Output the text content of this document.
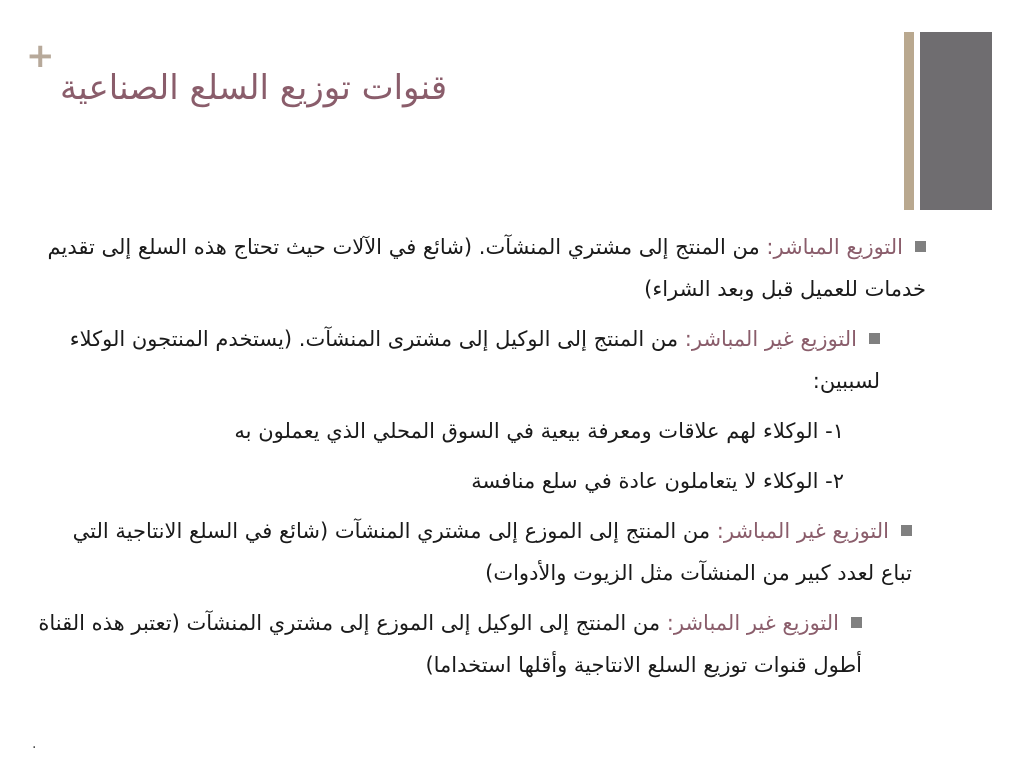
+
قنوات توزيع السلع الصناعية

التوزيع المباشر: من المنتج إلى مشتري المنشآت. (شائع في الآلات حيث تحتاج هذه السلع إلى تقديم خدمات للعميل قبل وبعد الشراء)

التوزيع غير المباشر: من المنتج إلى الوكيل إلى مشترى المنشآت. (يستخدم المنتجون الوكلاء لسببين:

١- الوكلاء لهم علاقات ومعرفة بيعية في السوق المحلي الذي يعملون به

٢- الوكلاء لا يتعاملون عادة في سلع منافسة

التوزيع غير المباشر: من المنتج إلى الموزع إلى مشتري المنشآت (شائع في السلع الانتاجية التي تباع لعدد كبير من المنشآت مثل الزيوت والأدوات)

التوزيع غير المباشر: من المنتج إلى الوكيل إلى الموزع إلى مشتري المنشآت (تعتبر هذه القناة أطول قنوات توزيع السلع الانتاجية وأقلها استخداما)

.
